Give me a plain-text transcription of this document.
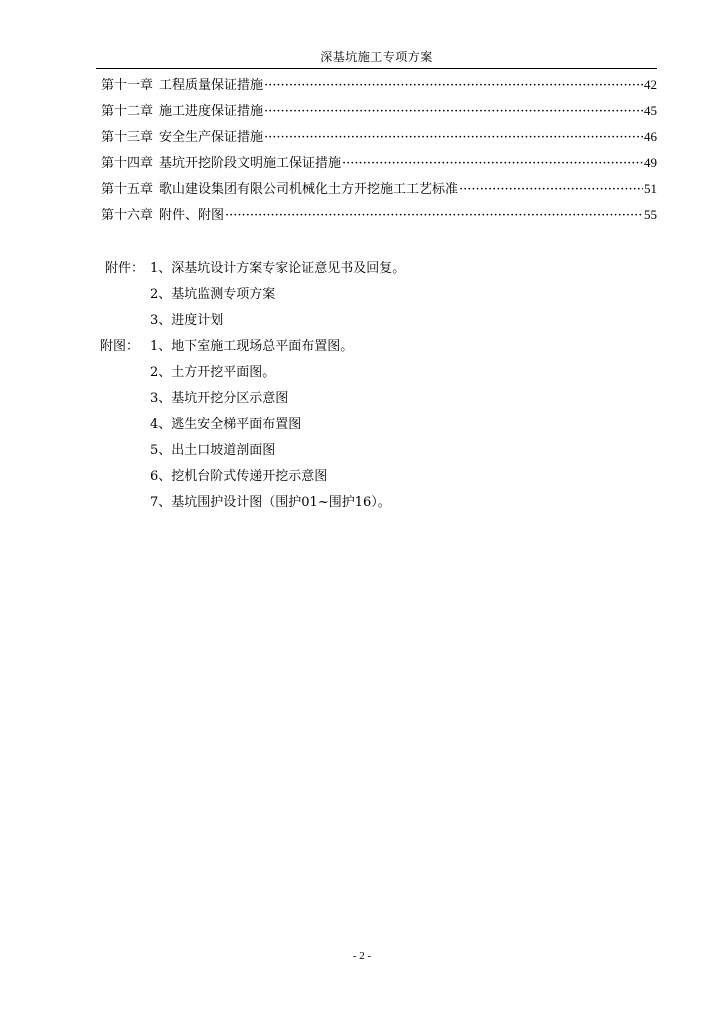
深基坑施工专项方案
第十一章 工程质量保证措施 ·····	42
第十二章 施工进度保证措施 ·····	45
第十三章 安全生产保证措施 ·····	46
第十四章 基坑开挖阶段文明施工保证措施 ·····	49
第十五章 歌山建设集团有限公司机械化土方开挖施工工艺标准 ·····	51
第十六章 附件、附图 ·····	55
附件： 1、深基坑设计方案专家论证意见书及回复。
2、基坑监测专项方案
3、进度计划
附图： 1、地下室施工现场总平面布置图。
2、土方开挖平面图。
3、基坑开挖分区示意图
4、逃生安全梯平面布置图
5、出土口坡道剖面图
6、挖机台阶式传递开挖示意图
7、基坑围护设计图（围护01~围护16）。
- 2 -
